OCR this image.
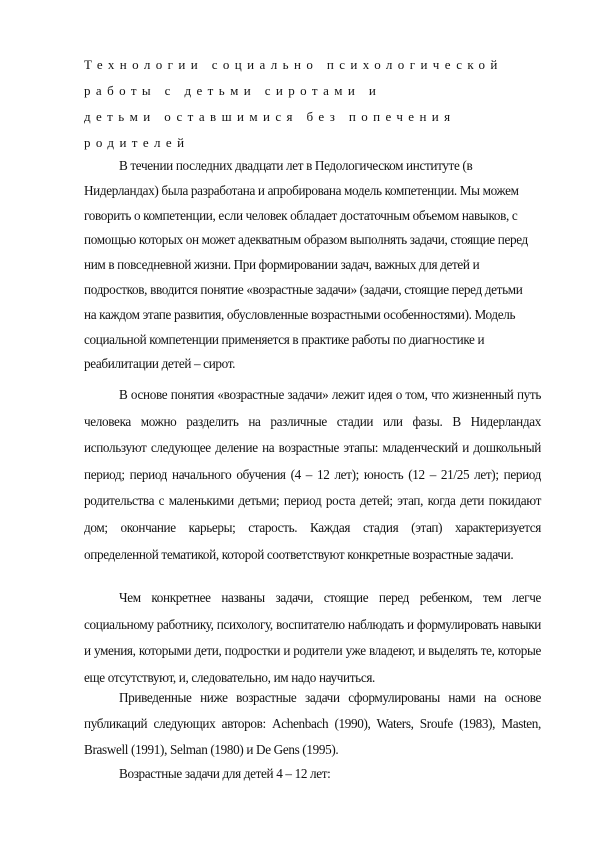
Технологии социально психологической
работы с детьми сиротами и
детьми оставшимися без попечения
родителей

В течении последних двадцати лет в Педологическом институте (в Нидерландах) была разработана и апробирована модель компетенции. Мы можем говорить о компетенции, если человек обладает достаточным объемом навыков, с помощью которых он может адекватным образом выполнять задачи, стоящие перед ним в повседневной жизни. При формировании задач, важных для детей и подростков, вводится понятие «возрастные задачи» (задачи, стоящие перед детьми на каждом этапе развития, обусловленные возрастными особенностями). Модель социальной компетенции применяется в практике работы по диагностике и реабилитации детей – сирот.

В основе понятия «возрастные задачи» лежит идея о том, что жизненный путь человека можно разделить на различные стадии или фазы. В Нидерландах используют следующее деление на возрастные этапы: младенческий и дошкольный период; период начального обучения (4 – 12 лет); юность (12 – 21/25 лет); период родительства с маленькими детьми; период роста детей; этап, когда дети покидают дом; окончание карьеры; старость. Каждая стадия (этап) характеризуется определенной тематикой, которой соответствуют конкретные возрастные задачи.

Чем конкретнее названы задачи, стоящие перед ребенком, тем легче социальному работнику, психологу, воспитателю наблюдать и формулировать навыки и умения, которыми дети, подростки и родители уже владеют, и выделять те, которые еще отсутствуют, и, следовательно, им надо научиться.

Приведенные ниже возрастные задачи сформулированы нами на основе публикаций следующих авторов: Achenbach (1990), Waters, Sroufe (1983), Masten, Braswell (1991), Selman (1980) и De Gens (1995).

Возрастные задачи для детей 4 – 12 лет:
